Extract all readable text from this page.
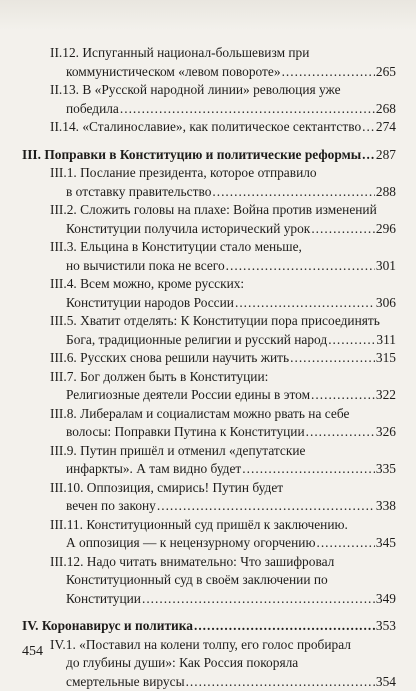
II.12. Испуганный национал-большевизм при
коммунистическом «левом повороте» .....	265
II.13. В «Русской народной линии» революция уже
победила .....	268
II.14. «Сталинославие», как политическое сектантство ..... 274
III. Поправки в Конституцию и политические реформы ..... 287
III.1. Послание президента, которое отправило
в отставку правительство .....	288
III.2. Сложить головы на плахе: Война против изменений
Конституции получила исторический урок .....	296
III.3. Ельцина в Конституции стало меньше,
но вычистили пока не всего .....	301
III.4. Всем можно, кроме русских:
Конституции народов России .....	306
III.5. Хватит отделять: К Конституции пора присоединять
Бога, традиционные религии и русский народ .....	311
III.6. Русских снова решили научить жить .....	315
III.7. Бог должен быть в Конституции:
Религиозные деятели России едины в этом .....	322
III.8. Либералам и социалистам можно рвать на себе
волосы: Поправки Путина к Конституции .....	326
III.9. Путин пришёл и отменил «депутатские
инфаркты». А там видно будет .....	335
III.10. Оппозиция, смирись! Путин будет
вечен по закону .....	338
III.11. Конституционный суд пришёл к заключению.
А оппозиция — к нецензурному огорчению .....	345
III.12. Надо читать внимательно: Что зашифровал
Конституционный суд в своём заключении по
Конституции .....	349
IV. Коронавирус и политика .....	353
IV.1. «Поставил на колени толпу, его голос пробирал
до глубины души»: Как Россия покоряла
смертельные вирусы .....	354
454
